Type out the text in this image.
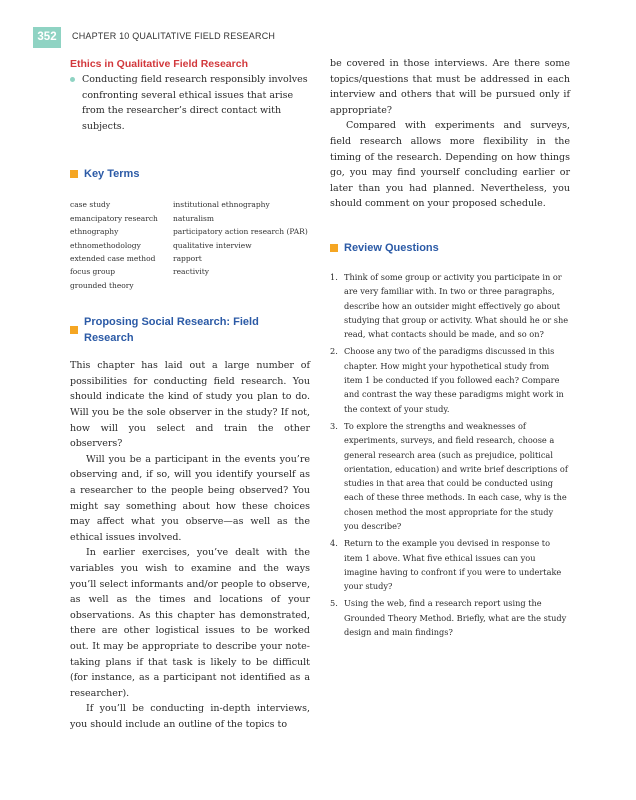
352	CHAPTER 10 QUALITATIVE FIELD RESEARCH

Ethics in Qualitative Field Research

Conducting field research responsibly involves confronting several ethical issues that arise from the researcher’s direct contact with subjects.

Key Terms
case study	institutional ethnography
emancipatory research	naturalism
ethnography	participatory action research (PAR)
ethnomethodology	qualitative interview
extended case method	rapport
focus group	reactivity
grounded theory
Proposing Social Research: Field Research

This chapter has laid out a large number of possibilities for conducting field research. You should indicate the kind of study you plan to do. Will you be the sole observer in the study? If not, how will you select and train the other observers?

Will you be a participant in the events you’re observing and, if so, will you identify yourself as a researcher to the people being observed? You might say something about how these choices may affect what you observe—as well as the ethical issues involved.

In earlier exercises, you’ve dealt with the variables you wish to examine and the ways you’ll select informants and/or people to observe, as well as the times and locations of your observations. As this chapter has demonstrated, there are other logistical issues to be worked out. It may be appropriate to describe your note-taking plans if that task is likely to be difficult (for instance, as a participant not identified as a researcher).

If you’ll be conducting in-depth interviews, you should include an outline of the topics to

be covered in those interviews. Are there some topics/questions that must be addressed in each interview and others that will be pursued only if appropriate?

Compared with experiments and surveys, field research allows more flexibility in the timing of the research. Depending on how things go, you may find yourself concluding earlier or later than you had planned. Nevertheless, you should comment on your proposed schedule.

Review Questions
1. Think of some group or activity you participate in or are very familiar with. In two or three paragraphs, describe how an outsider might effectively go about studying that group or activity. What should he or she read, what contacts should be made, and so on?
2. Choose any two of the paradigms discussed in this chapter. How might your hypothetical study from item 1 be conducted if you followed each? Compare and contrast the way these paradigms might work in the context of your study.
3. To explore the strengths and weaknesses of experiments, surveys, and field research, choose a general research area (such as prejudice, political orientation, education) and write brief descriptions of studies in that area that could be conducted using each of these three methods. In each case, why is the chosen method the most appropriate for the study you describe?
4. Return to the example you devised in response to item 1 above. What five ethical issues can you imagine having to confront if you were to undertake your study?
5. Using the web, find a research report using the Grounded Theory Method. Briefly, what are the study design and main findings?
